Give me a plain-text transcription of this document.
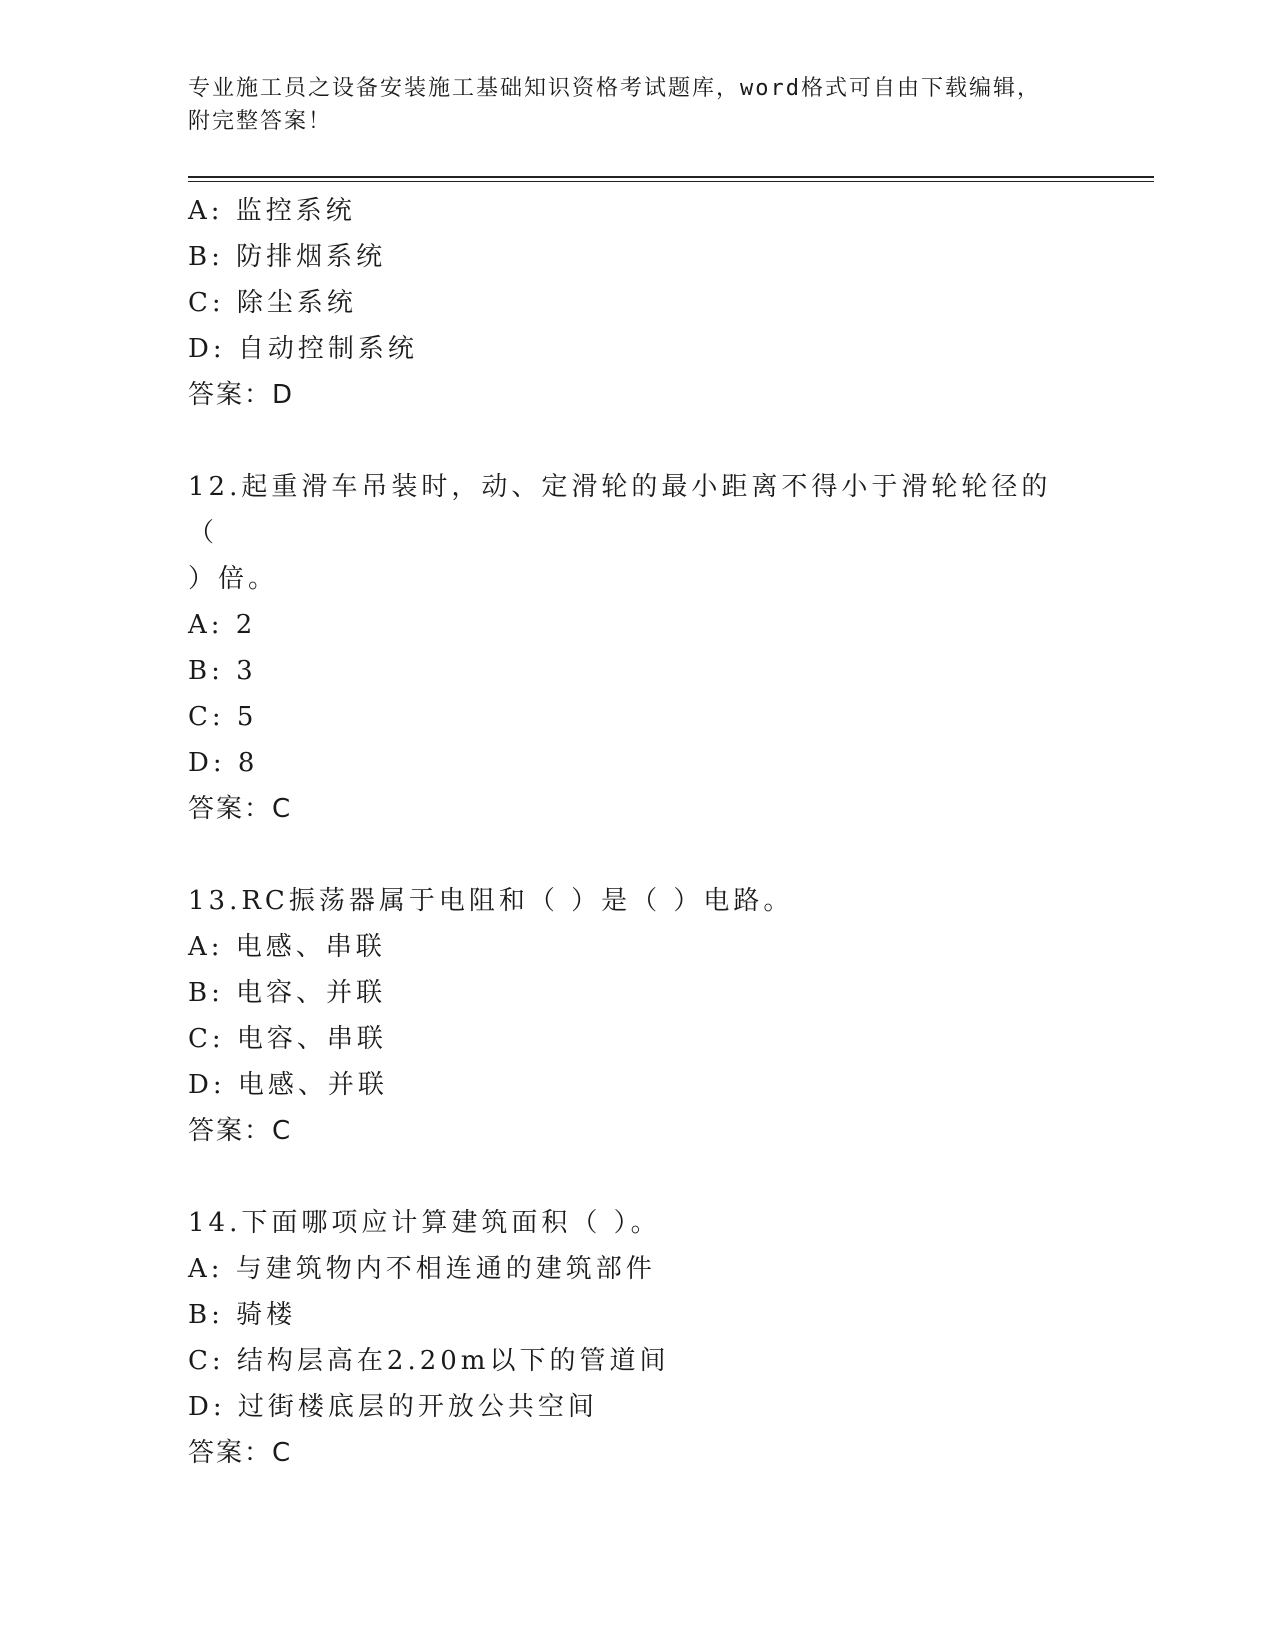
专业施工员之设备安装施工基础知识资格考试题库，word格式可自由下载编辑，
附完整答案！
A: 监控系统
B: 防排烟系统
C: 除尘系统
D: 自动控制系统
答案：D
12.起重滑车吊装时，动、定滑轮的最小距离不得小于滑轮轮径的（
）倍。
A: 2
B: 3
C: 5
D: 8
答案：C
13.RC振荡器属于电阻和（ ）是（ ）电路。
A: 电感、串联
B: 电容、并联
C: 电容、串联
D: 电感、并联
答案：C
14.下面哪项应计算建筑面积（ ）。
A: 与建筑物内不相连通的建筑部件
B: 骑楼
C: 结构层高在2.20m以下的管道间
D: 过街楼底层的开放公共空间
答案：C
